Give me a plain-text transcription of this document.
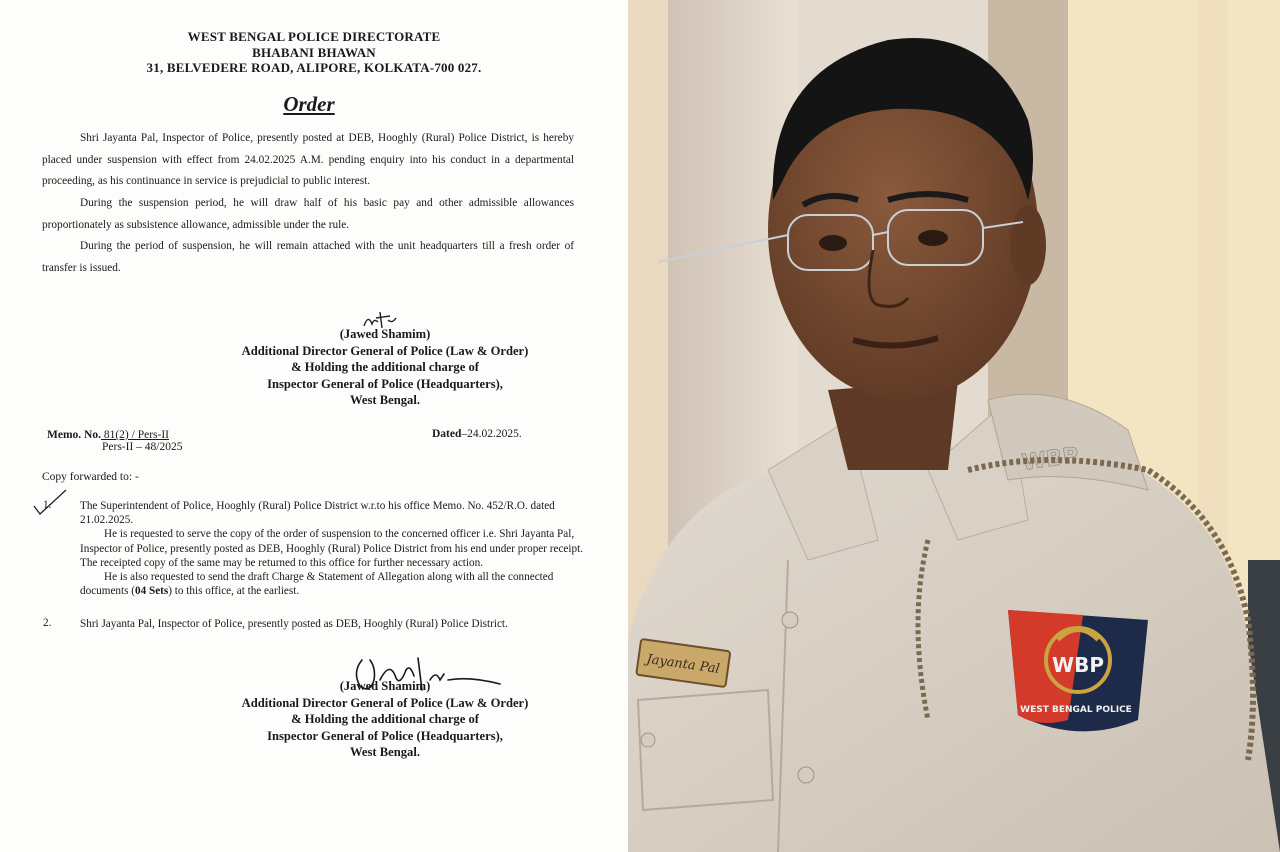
WEST BENGAL POLICE DIRECTORATE
BHABANI BHAWAN
31, BELVEDERE ROAD, ALIPORE, KOLKATA-700 027.
Order

Shri Jayanta Pal, Inspector of Police, presently posted at DEB, Hooghly (Rural) Police District, is hereby placed under suspension with effect from 24.02.2025 A.M. pending enquiry into his conduct in a departmental proceeding, as his continuance in service is prejudicial to public interest.

During the suspension period, he will draw half of his basic pay and other admissible allowances proportionately as subsistence allowance, admissible under the rule.

During the period of suspension, he will remain attached with the unit headquarters till a fresh order of transfer is issued.

(Jawed Shamim)
Additional Director General of Police (Law & Order)
& Holding the additional charge of
Inspector General of Police (Headquarters),
West Bengal.
Memo. No. 81(2) / Pers-II
Pers-II – 48/2025
Dated–24.02.2025.
Copy forwarded to: -
1.	The Superintendent of Police, Hooghly (Rural) Police District w.r.to his office Memo. No. 452/R.O. dated 21.02.2025.

He is requested to serve the copy of the order of suspension to the concerned officer i.e. Shri Jayanta Pal, Inspector of Police, presently posted as DEB, Hooghly (Rural) Police District from his end under proper receipt. The receipted copy of the same may be returned to this office for further necessary action.

He is also requested to send the draft Charge & Statement of Allegation along with all the connected documents (04 Sets) to this office, at the earliest.

2.	Shri Jayanta Pal, Inspector of Police, presently posted as DEB, Hooghly (Rural) Police District.
(Jawed Shamim)
Additional Director General of Police (Law & Order)
& Holding the additional charge of
Inspector General of Police (Headquarters),
West Bengal.
WBP
Jayanta Pal	WBP
WEST BENGAL POLICE
